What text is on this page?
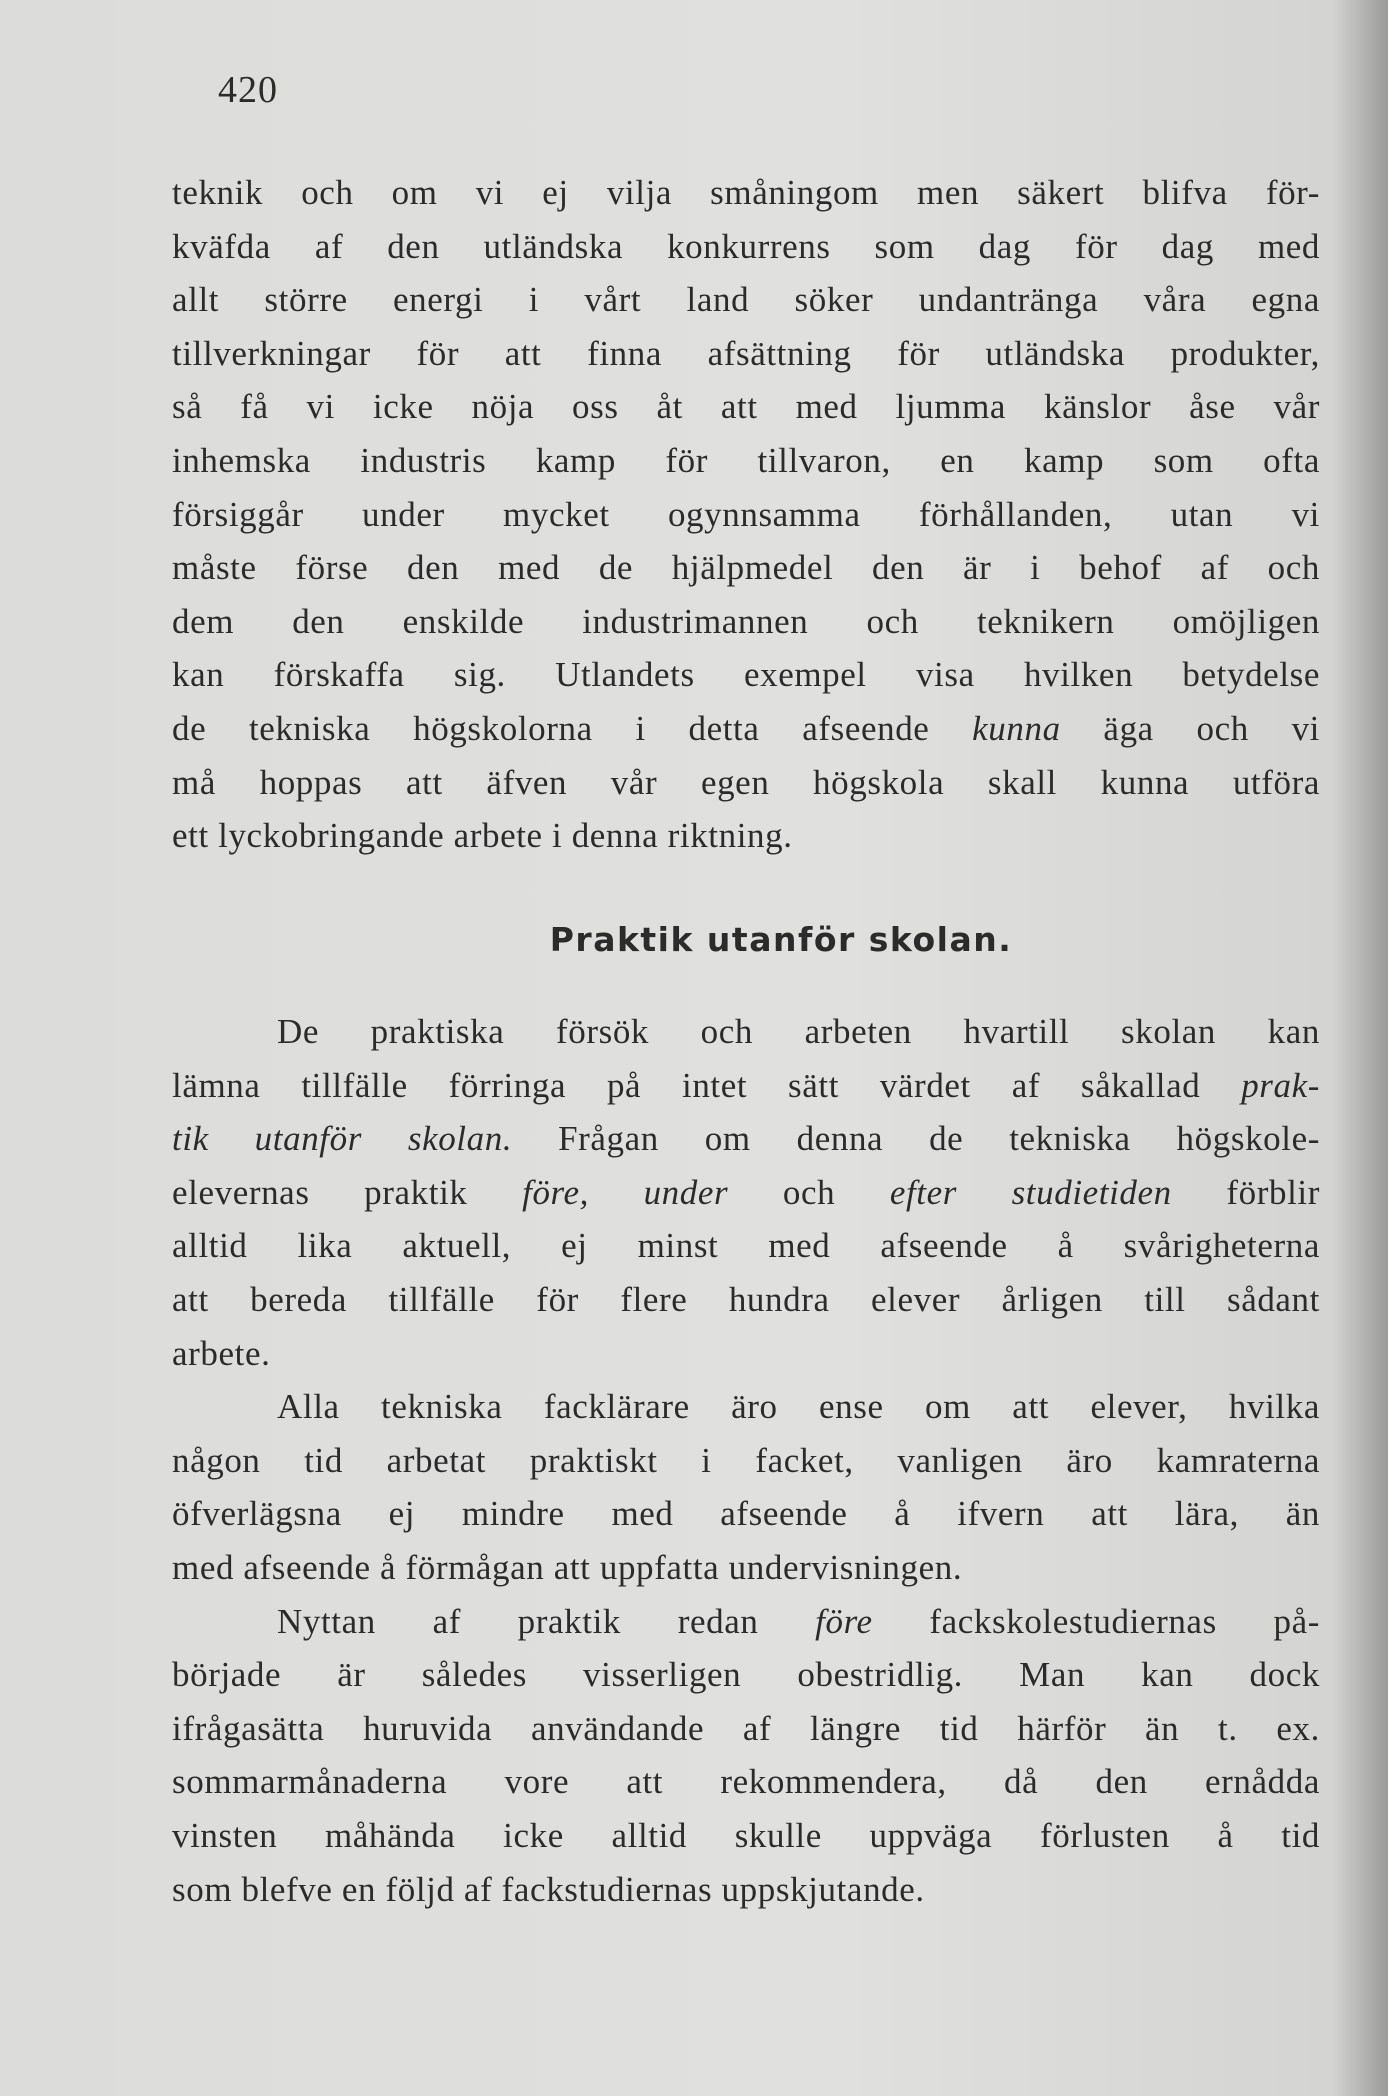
420
teknik och om vi ej vilja småningom men säkert blifva för-
kväfda af den utländska konkurrens som dag för dag med
allt större energi i vårt land söker undantränga våra egna
tillverkningar för att finna afsättning för utländska produkter,
så få vi icke nöja oss åt att med ljumma känslor åse vår
inhemska industris kamp för tillvaron, en kamp som ofta
försiggår under mycket ogynnsamma förhållanden, utan vi
måste förse den med de hjälpmedel den är i behof af och
dem den enskilde industrimannen och teknikern omöjligen
kan förskaffa sig. Utlandets exempel visa hvilken betydelse
de tekniska högskolorna i detta afseende kunna äga och vi
må hoppas att äfven vår egen högskola skall kunna utföra
ett lyckobringande arbete i denna riktning.
Praktik utanför skolan.
De praktiska försök och arbeten hvartill skolan kan
lämna tillfälle förringa på intet sätt värdet af såkallad prak-
tik utanför skolan. Frågan om denna de tekniska högskole-
elevernas praktik före, under och efter studietiden förblir
alltid lika aktuell, ej minst med afseende å svårigheterna
att bereda tillfälle för flere hundra elever årligen till sådant
arbete.
Alla tekniska facklärare äro ense om att elever, hvilka
någon tid arbetat praktiskt i facket, vanligen äro kamraterna
öfverlägsna ej mindre med afseende å ifvern att lära, än
med afseende å förmågan att uppfatta undervisningen.
Nyttan af praktik redan före fackskolestudiernas på-
började är således visserligen obestridlig. Man kan dock
ifrågasätta huruvida användande af längre tid härför än t. ex.
sommarmånaderna vore att rekommendera, då den ernådda
vinsten måhända icke alltid skulle uppväga förlusten å tid
som blefve en följd af fackstudiernas uppskjutande.
